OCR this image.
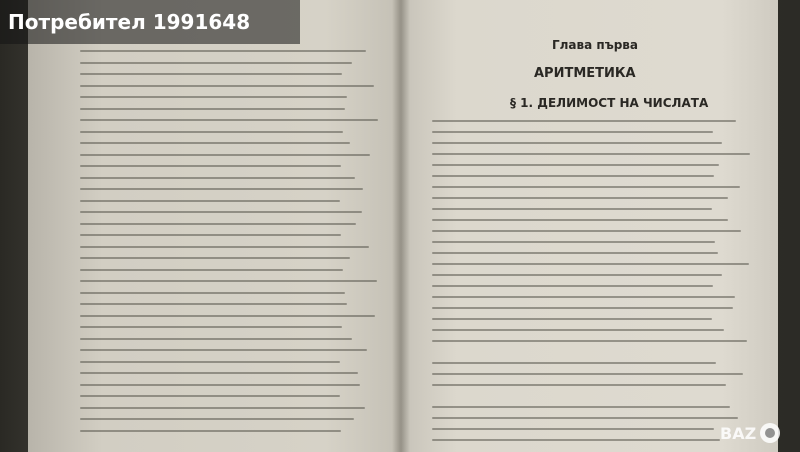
Потребител 1991648
Глава първа
АРИТМЕТИКА
§ 1. ДЕЛИМОСТ НА ЧИСЛАТА
BAZ
